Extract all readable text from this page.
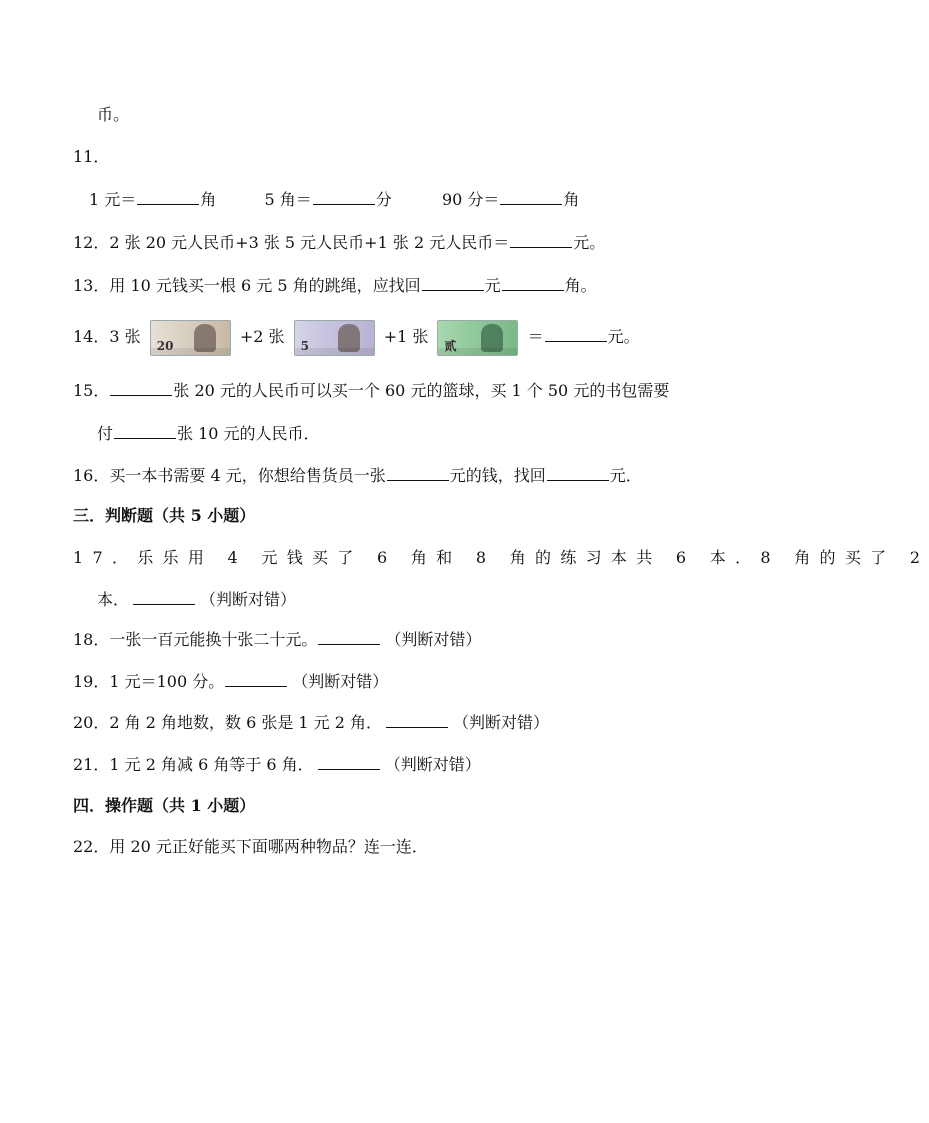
币。
11．
1 元＝	角	5 角＝	分	90 分＝	角
12．2 张 20 元人民币+3 张 5 元人民币+1 张 2 元人民币＝	元。
13．用 10 元钱买一根 6 元 5 角的跳绳，应找回	元	角。
14．3 张 20	+2 张 5	+1 张 贰	＝	元。
15．	张 20 元的人民币可以买一个 60 元的篮球，买 1 个 50 元的书包需要
付	张 10 元的人民币．
16．买一本书需要 4 元，你想给售货员一张	元的钱，找回	元．
三．判断题（共 5 小题）
17．乐乐用 4 元钱买了 6 角和 8 角的练习本共 6 本．8 角的买了 2
本．	（判断对错）
18．一张一百元能换十张二十元。	（判断对错）
19．1 元＝100 分。	（判断对错）
20．2 角 2 角地数，数 6 张是 1 元 2 角．	（判断对错）
21．1 元 2 角减 6 角等于 6 角．	（判断对错）
四．操作题（共 1 小题）
22．用 20 元正好能买下面哪两种物品？连一连．
